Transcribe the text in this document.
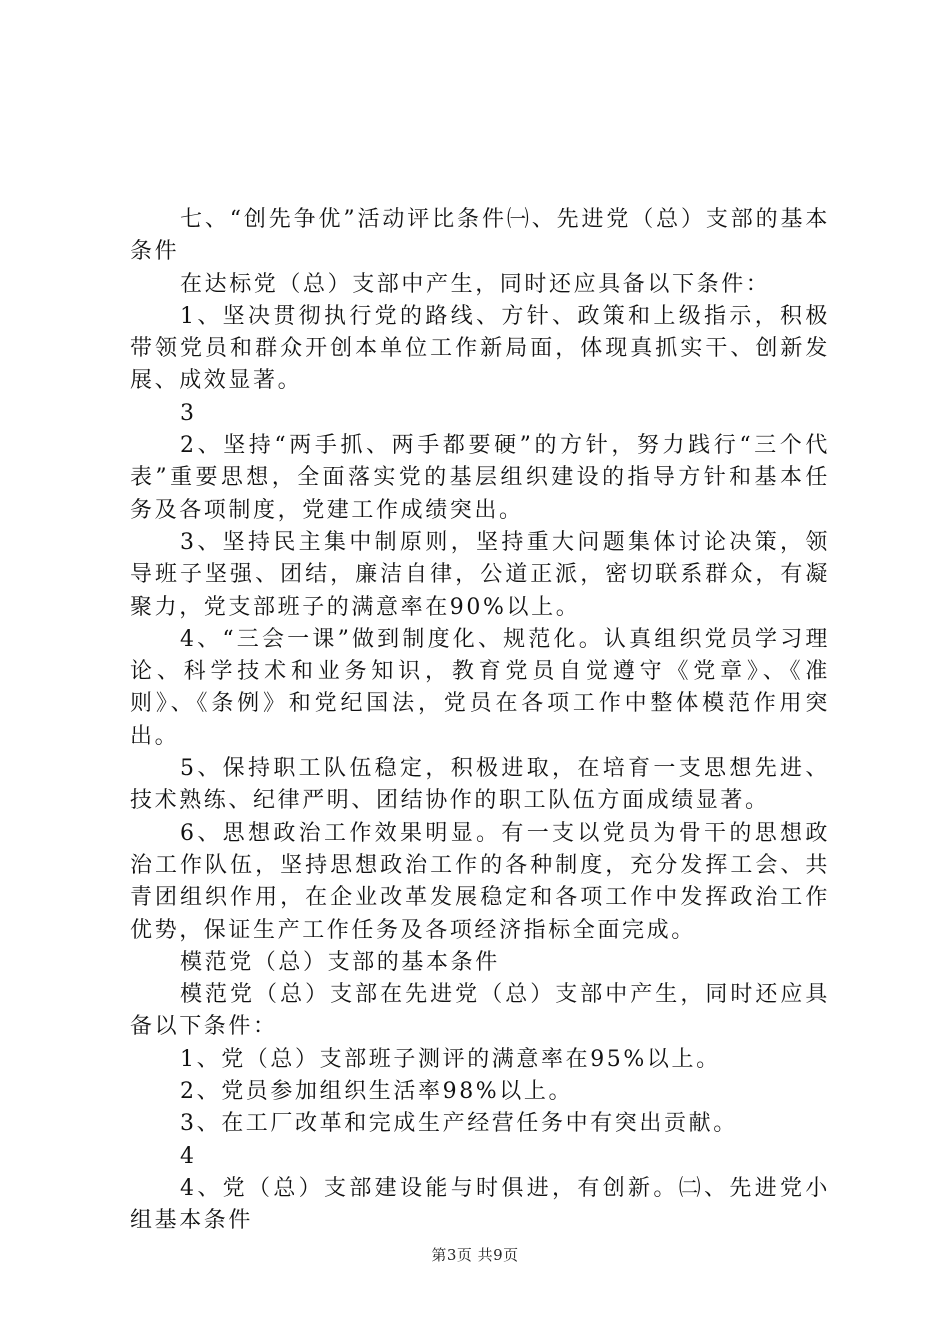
七、“创先争优”活动评比条件㈠、先进党（总）支部的基本条件

在达标党（总）支部中产生，同时还应具备以下条件：

1、坚决贯彻执行党的路线、方针、政策和上级指示，积极带领党员和群众开创本单位工作新局面，体现真抓实干、创新发展、成效显著。

3

2、坚持“两手抓、两手都要硬”的方针，努力践行“三个代表”重要思想，全面落实党的基层组织建设的指导方针和基本任务及各项制度，党建工作成绩突出。

3、坚持民主集中制原则，坚持重大问题集体讨论决策，领导班子坚强、团结，廉洁自律，公道正派，密切联系群众，有凝聚力，党支部班子的满意率在90%以上。

4、“三会一课”做到制度化、规范化。认真组织党员学习理论、科学技术和业务知识，教育党员自觉遵守《党章》、《准则》、《条例》和党纪国法，党员在各项工作中整体模范作用突出。

5、保持职工队伍稳定，积极进取，在培育一支思想先进、技术熟练、纪律严明、团结协作的职工队伍方面成绩显著。

6、思想政治工作效果明显。有一支以党员为骨干的思想政治工作队伍，坚持思想政治工作的各种制度，充分发挥工会、共青团组织作用，在企业改革发展稳定和各项工作中发挥政治工作优势，保证生产工作任务及各项经济指标全面完成。

模范党（总）支部的基本条件

模范党（总）支部在先进党（总）支部中产生，同时还应具备以下条件：

1、党（总）支部班子测评的满意率在95%以上。

2、党员参加组织生活率98%以上。

3、在工厂改革和完成生产经营任务中有突出贡献。

4

4、党（总）支部建设能与时俱进，有创新。㈡、先进党小组基本条件

第3页 共9页
